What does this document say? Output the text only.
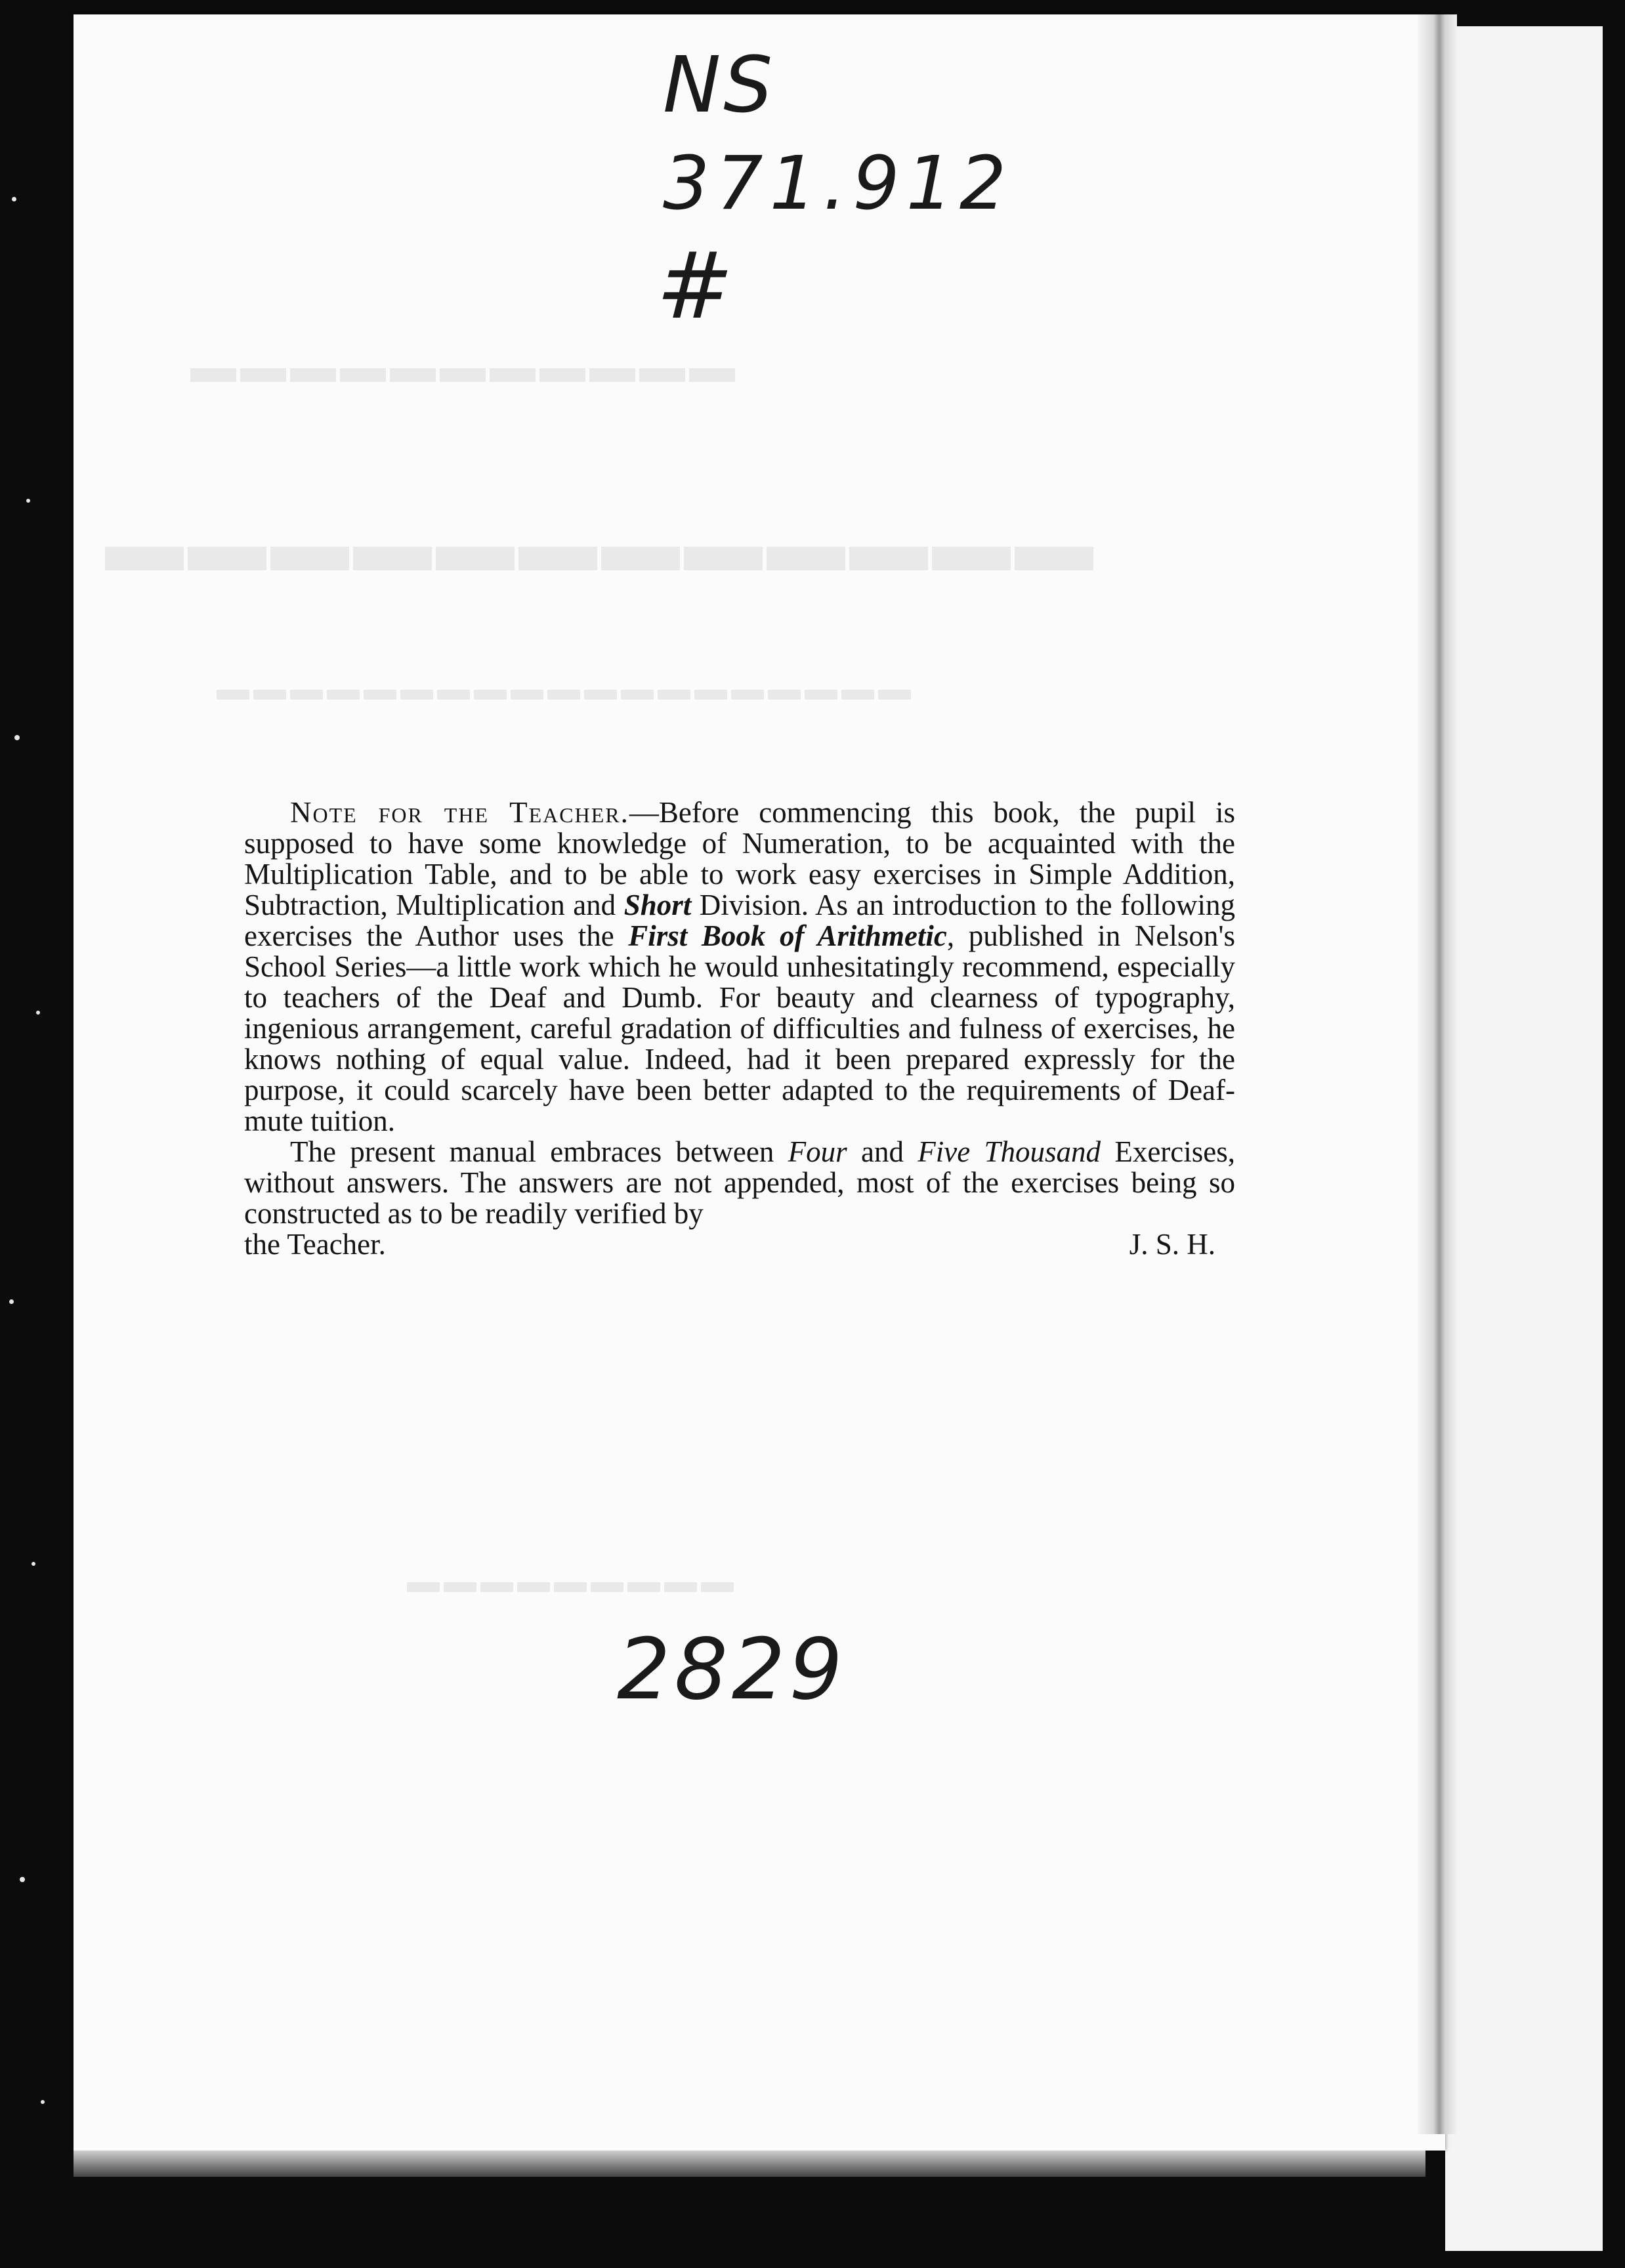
▬▬▬▬▬▬▬▬▬▬▬
▬▬▬▬▬▬▬▬▬▬▬▬
▬▬▬▬▬▬▬▬▬▬▬▬▬▬▬▬▬▬▬
▬▬▬▬▬▬▬▬▬
NS
371.912
#
2829

Note for the Teacher.—Before commencing this book, the pupil is supposed to have some knowledge of Numeration, to be acquainted with the Multiplication Table, and to be able to work easy exercises in Simple Addition, Subtraction, Multiplication and Short Division. As an introduction to the following exercises the Author uses the First Book of Arithmetic, published in Nelson's School Series—a little work which he would unhesitatingly recommend, especially to teachers of the Deaf and Dumb. For beauty and clearness of typography, ingenious arrangement, careful gradation of difficulties and fulness of exercises, he knows nothing of equal value. Indeed, had it been prepared expressly for the purpose, it could scarcely have been better adapted to the requirements of Deaf-mute tuition.

The present manual embraces between Four and Five Thousand Exercises, without answers. The answers are not appended, most of the exercises being so constructed as to be readily verified by

the Teacher.	J. S. H.
